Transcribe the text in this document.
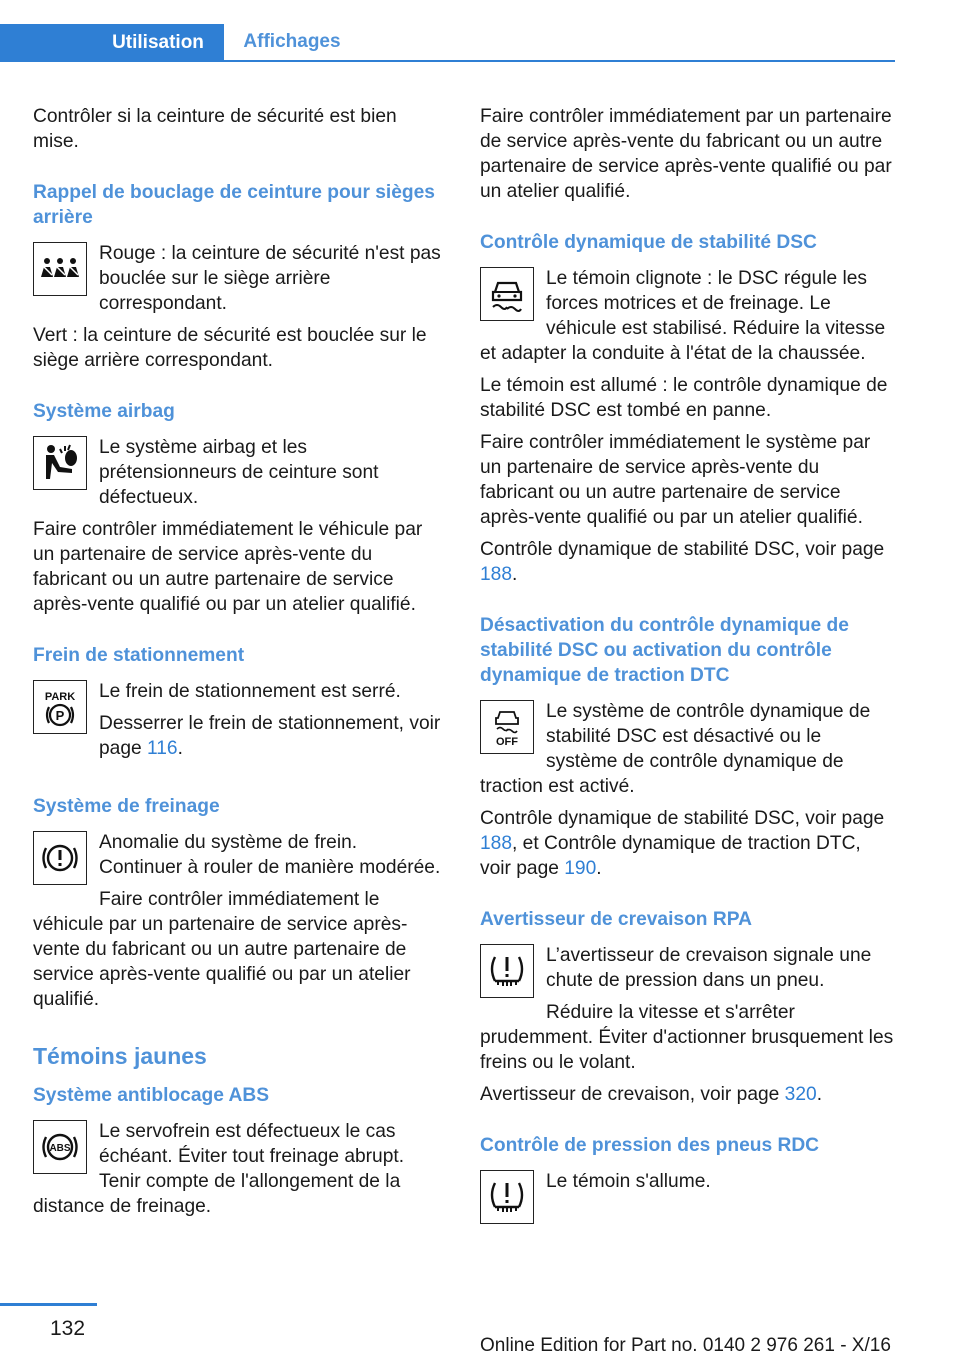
Utilisation	Affichages

Contrôler si la ceinture de sécurité est bien mise.

Rappel de bouclage de ceinture pour sièges arrière

Rouge : la ceinture de sécurité n'est pas bouclée sur le siège arrière correspondant.

Vert : la ceinture de sécurité est bouclée sur le siège arrière correspondant.

Système airbag

Le système airbag et les prétensionneurs de ceinture sont défectueux.

Faire contrôler immédiatement le véhicule par un partenaire de service après-vente du fabricant ou un autre partenaire de service après-vente qualifié ou par un atelier qualifié.

Frein de stationnement
PARK
P

Le frein de stationnement est serré.

Desserrer le frein de stationnement, voir page 116.

Système de freinage

Anomalie du système de frein. Continuer à rouler de manière modérée.

Faire contrôler immédiatement le véhicule par un partenaire de service après-vente du fabricant ou un autre partenaire de service après-vente qualifié ou par un atelier qualifié.

Témoins jaunes
Système antiblocage ABS
ABS

Le servofrein est défectueux le cas échéant. Éviter tout freinage abrupt. Tenir compte de l'allongement de la distance de freinage.

Faire contrôler immédiatement par un partenaire de service après-vente du fabricant ou un autre partenaire de service après-vente qualifié ou par un atelier qualifié.

Contrôle dynamique de stabilité DSC

Le témoin clignote : le DSC régule les forces motrices et de freinage. Le véhicule est stabilisé. Réduire la vitesse et adapter la conduite à l'état de la chaussée.

Le témoin est allumé : le contrôle dynamique de stabilité DSC est tombé en panne.

Faire contrôler immédiatement le système par un partenaire de service après-vente du fabricant ou un autre partenaire de service après-vente qualifié ou par un atelier qualifié.

Contrôle dynamique de stabilité DSC, voir page 188.

Désactivation du contrôle dynamique de stabilité DSC ou activation du contrôle dynamique de traction DTC
OFF

Le système de contrôle dynamique de stabilité DSC est désactivé ou le système de contrôle dynamique de traction est activé.

Contrôle dynamique de stabilité DSC, voir page 188, et Contrôle dynamique de traction DTC, voir page 190.

Avertisseur de crevaison RPA

L’avertisseur de crevaison signale une chute de pression dans un pneu.

Réduire la vitesse et s'arrêter prudemment. Éviter d'actionner brusquement les freins ou le volant.

Avertisseur de crevaison, voir page 320.

Contrôle de pression des pneus RDC

Le témoin s'allume.

132
Online Edition for Part no. 0140 2 976 261 - X/16
